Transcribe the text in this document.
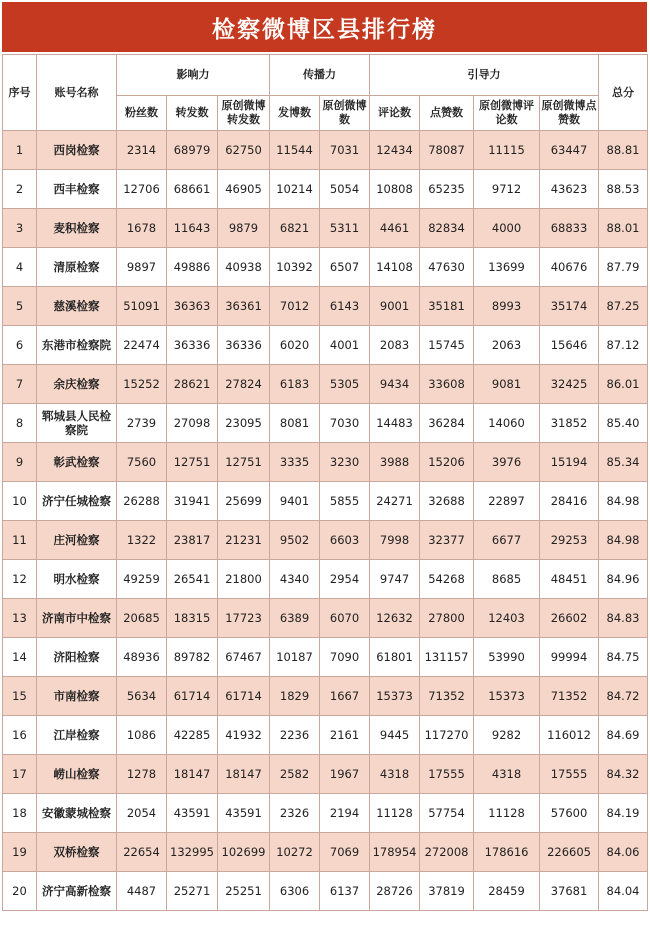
检察微博区县排行榜
序号	账号名称	影响力			传播力		引导力				总分
		粉丝数	转发数	原创微博转发数	发博数	原创微博数	评论数	点赞数	原创微博评论数	原创微博点赞数	
1	西岗检察	2314	68979	62750	11544	7031	12434	78087	11115	63447	88.81
2	西丰检察	12706	68661	46905	10214	5054	10808	65235	9712	43623	88.53
3	麦积检察	1678	11643	9879	6821	5311	4461	82834	4000	68833	88.01
4	清原检察	9897	49886	40938	10392	6507	14108	47630	13699	40676	87.79
5	慈溪检察	51091	36363	36361	7012	6143	9001	35181	8993	35174	87.25
6	东港市检察院	22474	36336	36336	6020	4001	2083	15745	2063	15646	87.12
7	余庆检察	15252	28621	27824	6183	5305	9434	33608	9081	32425	86.01
8	郓城县人民检察院	2739	27098	23095	8081	7030	14483	36284	14060	31852	85.40
9	彰武检察	7560	12751	12751	3335	3230	3988	15206	3976	15194	85.34
10	济宁任城检察	26288	31941	25699	9401	5855	24271	32688	22897	28416	84.98
11	庄河检察	1322	23817	21231	9502	6603	7998	32377	6677	29253	84.98
12	明水检察	49259	26541	21800	4340	2954	9747	54268	8685	48451	84.96
13	济南市中检察	20685	18315	17723	6389	6070	12632	27800	12403	26602	84.83
14	济阳检察	48936	89782	67467	10187	7090	61801	131157	53990	99994	84.75
15	市南检察	5634	61714	61714	1829	1667	15373	71352	15373	71352	84.72
16	江岸检察	1086	42285	41932	2236	2161	9445	117270	9282	116012	84.69
17	崂山检察	1278	18147	18147	2582	1967	4318	17555	4318	17555	84.32
18	安徽蒙城检察	2054	43591	43591	2326	2194	11128	57754	11128	57600	84.19
19	双桥检察	22654	132995	102699	10272	7069	178954	272008	178616	226605	84.06
20	济宁高新检察	4487	25271	25251	6306	6137	28726	37819	28459	37681	84.04
